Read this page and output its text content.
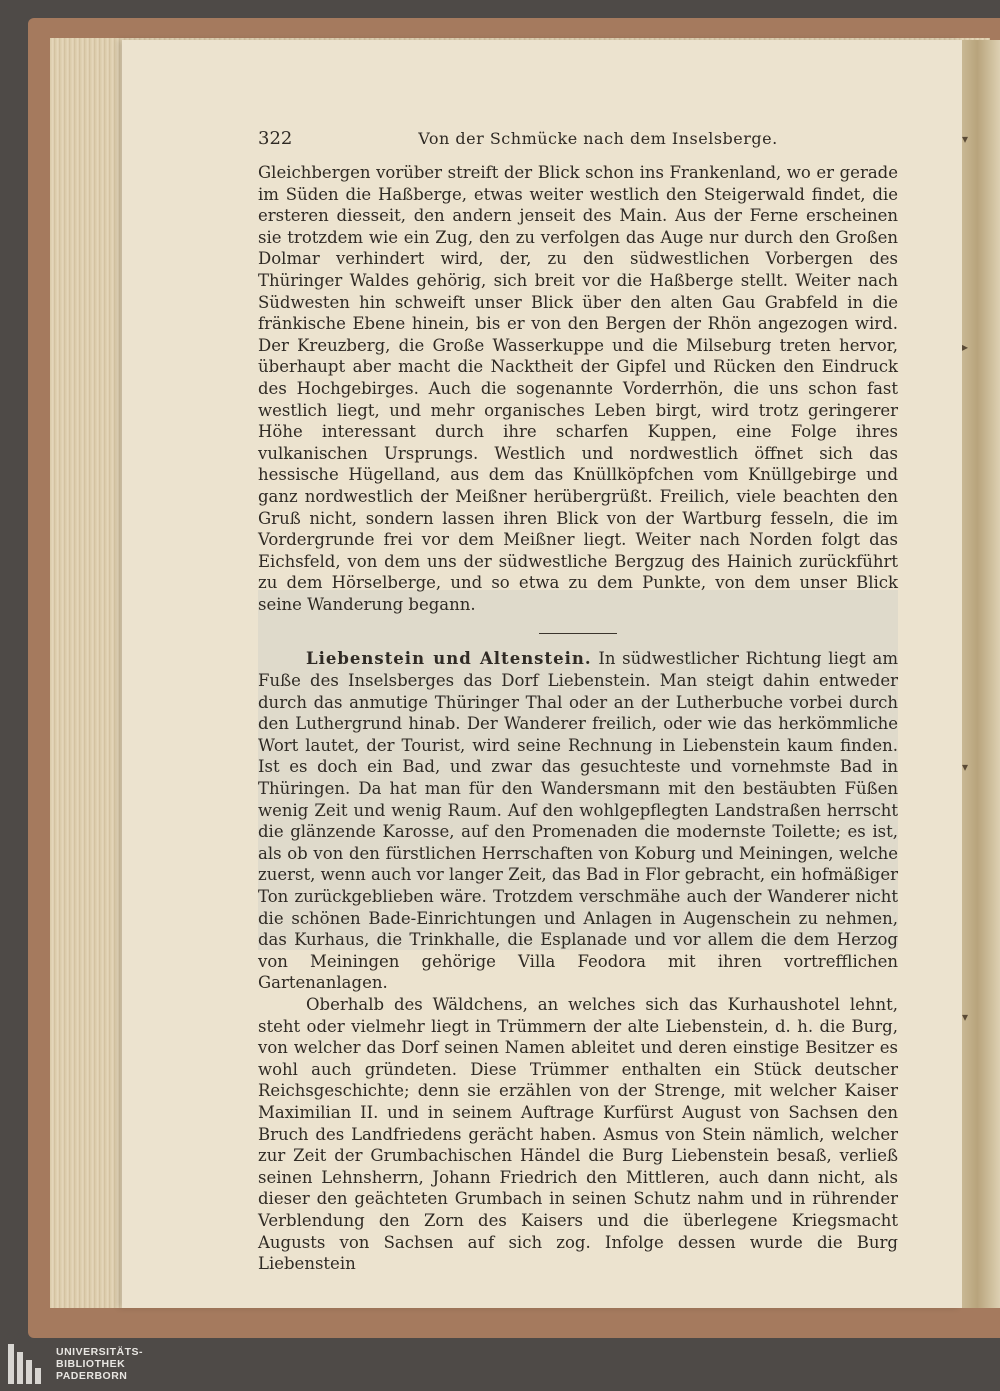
▾
▸
▾
▾
322	Von der Schmücke nach dem Inselsberge.

Gleichbergen vorüber streift der Blick schon ins Frankenland, wo er gerade im Süden die Haßberge, etwas weiter westlich den Steigerwald findet, die ersteren diesseit, den andern jenseit des Main. Aus der Ferne erscheinen sie trotzdem wie ein Zug, den zu verfolgen das Auge nur durch den Großen Dolmar verhindert wird, der, zu den südwestlichen Vorbergen des Thüringer Waldes gehörig, sich breit vor die Haßberge stellt. Weiter nach Südwesten hin schweift unser Blick über den alten Gau Grabfeld in die fränkische Ebene hinein, bis er von den Bergen der Rhön angezogen wird. Der Kreuzberg, die Große Wasserkuppe und die Milseburg treten hervor, überhaupt aber macht die Nacktheit der Gipfel und Rücken den Eindruck des Hochgebirges. Auch die sogenannte Vorderrhön, die uns schon fast westlich liegt, und mehr organisches Leben birgt, wird trotz geringerer Höhe interessant durch ihre scharfen Kuppen, eine Folge ihres vulkanischen Ursprungs. Westlich und nordwestlich öffnet sich das hessische Hügelland, aus dem das Knüllköpfchen vom Knüllgebirge und ganz nordwestlich der Meißner herübergrüßt. Freilich, viele beachten den Gruß nicht, sondern lassen ihren Blick von der Wartburg fesseln, die im Vordergrunde frei vor dem Meißner liegt. Weiter nach Norden folgt das Eichsfeld, von dem uns der südwestliche Bergzug des Hainich zurückführt zu dem Hörselberge, und so etwa zu dem Punkte, von dem unser Blick seine Wanderung begann.

Liebenstein und Altenstein. In südwestlicher Richtung liegt am Fuße des Inselsberges das Dorf Liebenstein. Man steigt dahin entweder durch das anmutige Thüringer Thal oder an der Lutherbuche vorbei durch den Luthergrund hinab. Der Wanderer freilich, oder wie das herkömmliche Wort lautet, der Tourist, wird seine Rechnung in Liebenstein kaum finden. Ist es doch ein Bad, und zwar das gesuchteste und vornehmste Bad in Thüringen. Da hat man für den Wandersmann mit den bestäubten Füßen wenig Zeit und wenig Raum. Auf den wohlgepflegten Landstraßen herrscht die glänzende Karosse, auf den Promenaden die modernste Toilette; es ist, als ob von den fürstlichen Herrschaften von Koburg und Meiningen, welche zuerst, wenn auch vor langer Zeit, das Bad in Flor gebracht, ein hofmäßiger Ton zurückgeblieben wäre. Trotzdem verschmähe auch der Wanderer nicht die schönen Bade-Einrichtungen und Anlagen in Augenschein zu nehmen, das Kurhaus, die Trinkhalle, die Esplanade und vor allem die dem Herzog von Meiningen gehörige Villa Feodora mit ihren vortrefflichen Gartenanlagen.

Oberhalb des Wäldchens, an welches sich das Kurhaushotel lehnt, steht oder vielmehr liegt in Trümmern der alte Liebenstein, d. h. die Burg, von welcher das Dorf seinen Namen ableitet und deren einstige Besitzer es wohl auch gründeten. Diese Trümmer enthalten ein Stück deutscher Reichsgeschichte; denn sie erzählen von der Strenge, mit welcher Kaiser Maximilian II. und in seinem Auftrage Kurfürst August von Sachsen den Bruch des Landfriedens gerächt haben. Asmus von Stein nämlich, welcher zur Zeit der Grumbachischen Händel die Burg Liebenstein besaß, verließ seinen Lehnsherrn, Johann Friedrich den Mittleren, auch dann nicht, als dieser den geächteten Grumbach in seinen Schutz nahm und in rührender Verblendung den Zorn des Kaisers und die überlegene Kriegsmacht Augusts von Sachsen auf sich zog. Infolge dessen wurde die Burg Liebenstein

UNIVERSITÄTS-
BIBLIOTHEK
PADERBORN
